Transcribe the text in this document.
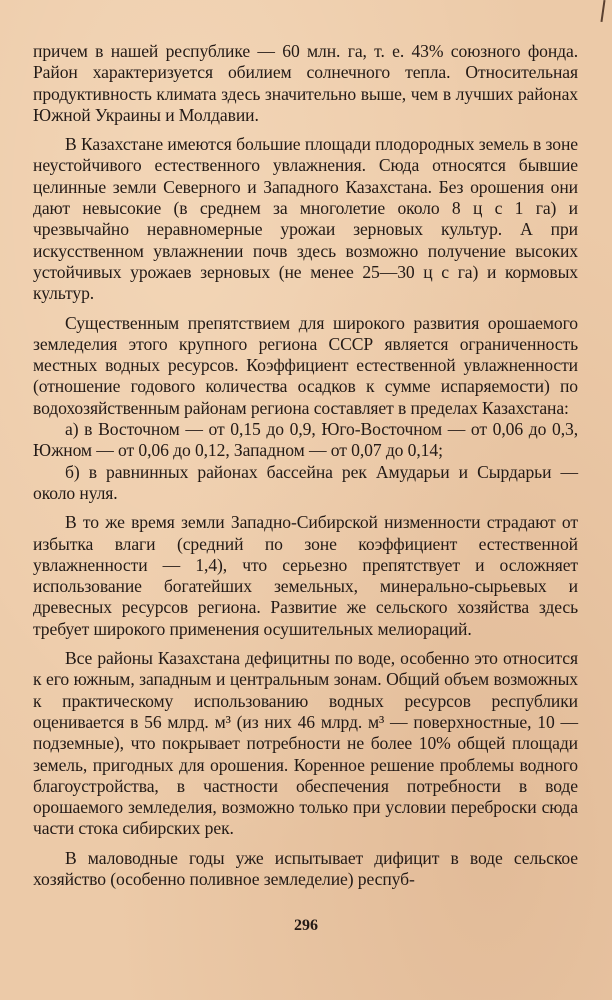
причем в нашей республике — 60 млн. га, т. е. 43% союзного фонда. Район характеризуется обилием солнечного тепла. Относительная продуктивность климата здесь значительно выше, чем в лучших районах Южной Украины и Молдавии.

В Казахстане имеются большие площади плодородных земель в зоне неустойчивого естественного увлажнения. Сюда относятся бывшие целинные земли Северного и Западного Казахстана. Без орошения они дают невысокие (в среднем за многолетие около 8 ц с 1 га) и чрезвычайно неравномерные урожаи зерновых культур. А при искусственном увлажнении почв здесь возможно получение высоких устойчивых урожаев зерновых (не менее 25—30 ц с га) и кормовых культур.

Существенным препятствием для широкого развития орошаемого земледелия этого крупного региона СССР является ограниченность местных водных ресурсов. Коэффициент естественной увлажненности (отношение годового количества осадков к сумме испаряемости) по водохозяйственным районам региона составляет в пределах Казахстана:

а) в Восточном — от 0,15 до 0,9, Юго-Восточном — от 0,06 до 0,3, Южном — от 0,06 до 0,12, Западном — от 0,07 до 0,14;

б) в равнинных районах бассейна рек Амударьи и Сырдарьи — около нуля.

В то же время земли Западно-Сибирской низменности страдают от избытка влаги (средний по зоне коэффициент естественной увлажненности — 1,4), что серьезно препятствует и осложняет использование богатейших земельных, минерально-сырьевых и древесных ресурсов региона. Развитие же сельского хозяйства здесь требует широкого применения осушительных мелиораций.

Все районы Казахстана дефицитны по воде, особенно это относится к его южным, западным и центральным зонам. Общий объем возможных к практическому использованию водных ресурсов республики оценивается в 56 млрд. м³ (из них 46 млрд. м³ — поверхностные, 10 — подземные), что покрывает потребности не более 10% общей площади земель, пригодных для орошения. Коренное решение проблемы водного благоустройства, в частности обеспечения потребности в воде орошаемого земледелия, возможно только при условии переброски сюда части стока сибирских рек.

В маловодные годы уже испытывает дифицит в воде сельское хозяйство (особенно поливное земледелие) респуб-

296
